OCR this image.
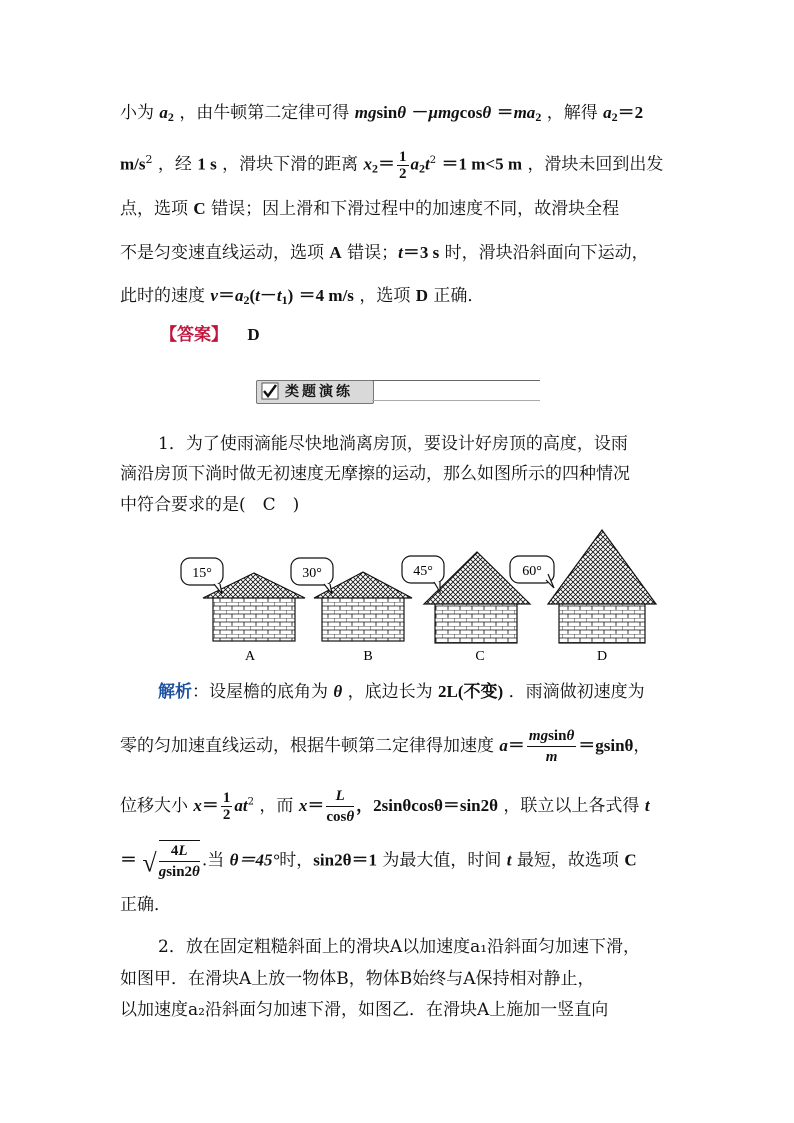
小为 a2 ，由牛顿第二定律可得 mgsinθ －μmgcosθ ＝ma2 ，解得 a2＝2
$m/s^2$ ，经 1 s ，滑块下滑的距离 $x2= \frac{1}{2} a2t^2 =1$ m<5 m ，滑块未回到出发
点，选项 C 错误；因上滑和下滑过程中的加速度不同，故滑块全程
不是匀变速直线运动，选项 A 错误；t＝3 s 时，滑块沿斜面向下运动，
此时的速度 v＝a2(t－t1) ＝4 m/s ，选项 D 正确．
【答案】 D
类题演练
1．为了使雨滴能尽快地淌离房顶，要设计好房顶的高度，设雨
滴沿房顶下淌时做无初速度无摩擦的运动，那么如图所示的四种情况
中符合要求的是(　C　)
15°
A
30°
B
45°
C
60°
D
解析：设屋檐的底角为 θ ，底边长为 2L(不变) ．雨滴做初速度为
零的匀加速直线运动，根据牛顿第二定律得加速度 $a= \frac{mgsin\theta}{m} =gsin\theta$，
位移大小 $x= \frac{1}{2} at^2$ ，而 $x= \frac{L}{\cos\theta}$ ，2sinθcosθ＝sin2θ ，联立以上各式得 t
＝ √ $\frac{4L}{gsin2\theta}$ .当 θ＝45°时，sin2θ＝1 为最大值，时间 t 最短，故选项 C
正确．
2．放在固定粗糙斜面上的滑块A以加速度a₁沿斜面匀加速下滑，
如图甲．在滑块A上放一物体B，物体B始终与A保持相对静止，
以加速度a₂沿斜面匀加速下滑，如图乙．在滑块A上施加一竖直向
